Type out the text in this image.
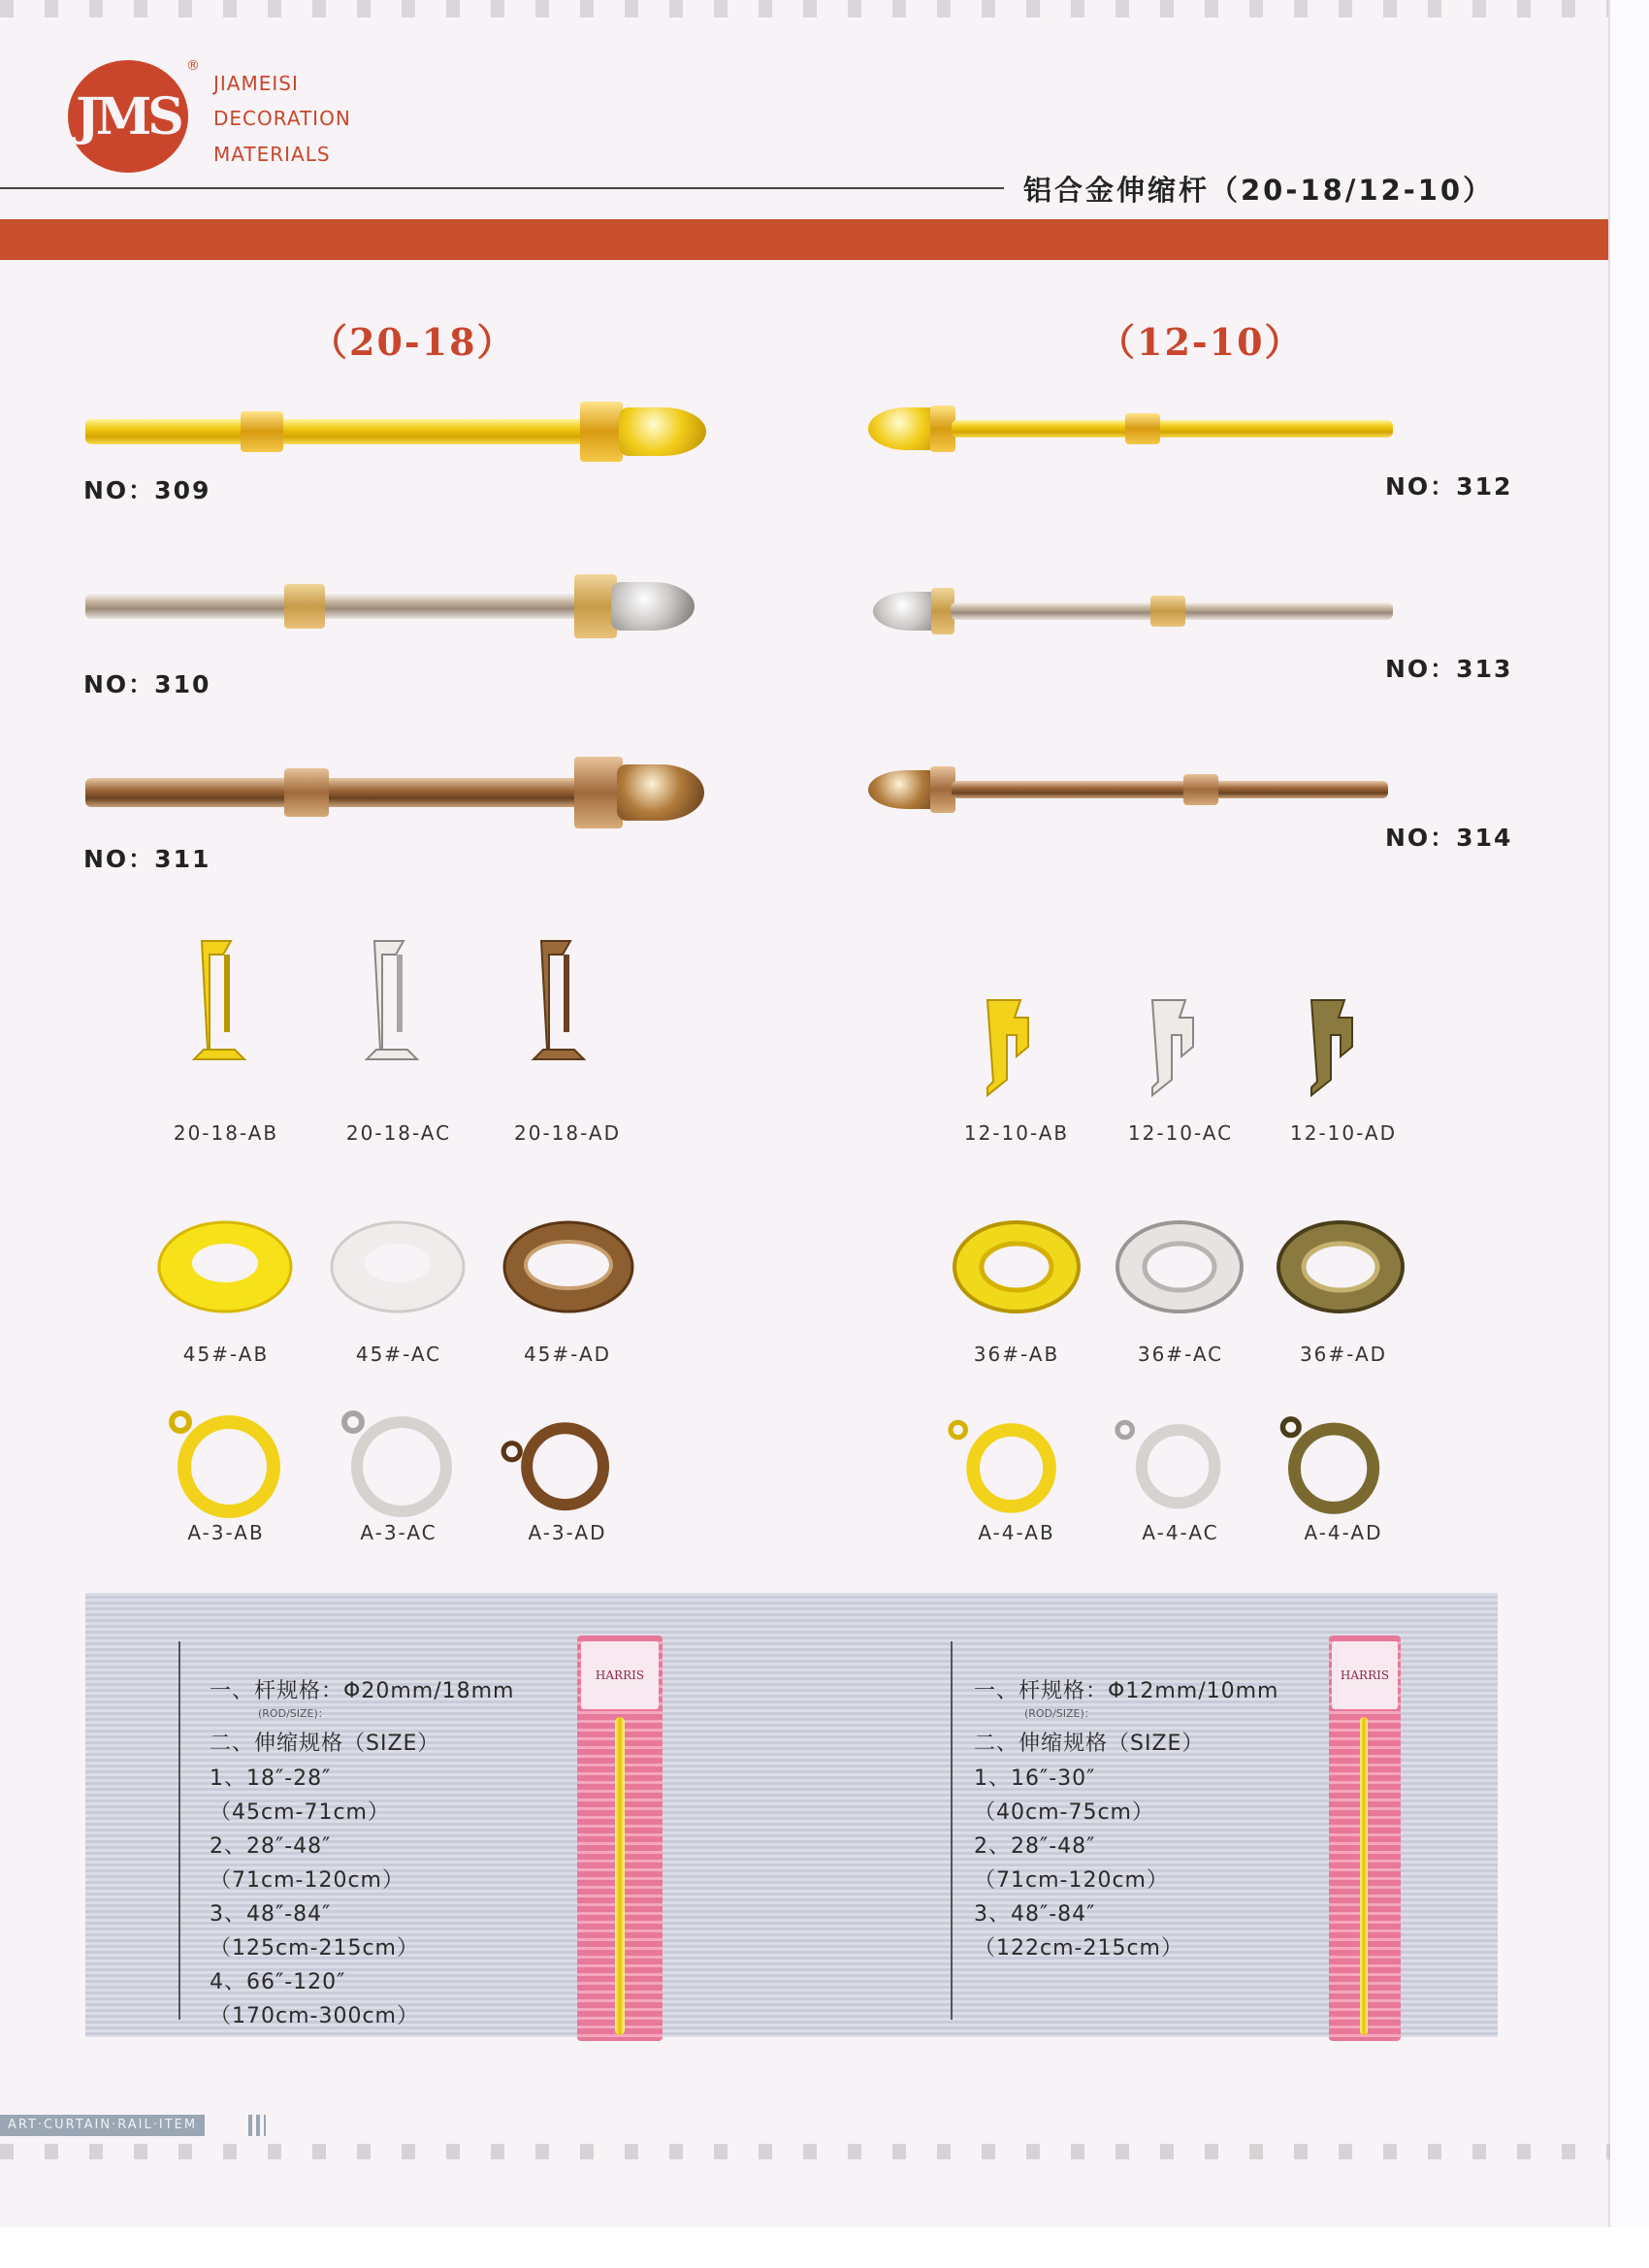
JMS
®
JIAMEISI
DECORATION
MATERIALS
铝合金伸缩杆（20-18/12-10）
（20-18）	（12-10）
NO：309
NO：310
NO：311
NO：312
NO：313
NO：314
20-18-AB	20-18-AC	20-18-AD	12-10-AB	12-10-AC	12-10-AD
45#-AB	45#-AC	45#-AD	36#-AB	36#-AC	36#-AD
A-3-AB	A-3-AC	A-3-AD	A-4-AB	A-4-AC	A-4-AD
一、杆规格：Φ20mm/18mm
(ROD/SIZE)：
二、伸缩规格（SIZE）
1、18″-28″
（45cm-71cm）
2、28″-48″
（71cm-120cm）
3、48″-84″
（125cm-215cm）
4、66″-120″
（170cm-300cm）
HARRIS
一、杆规格：Φ12mm/10mm
(ROD/SIZE)：
二、伸缩规格（SIZE）
1、16″-30″
（40cm-75cm）
2、28″-48″
（71cm-120cm）
3、48″-84″
（122cm-215cm）
HARRIS
ART·CURTAIN·RAIL·ITEM
